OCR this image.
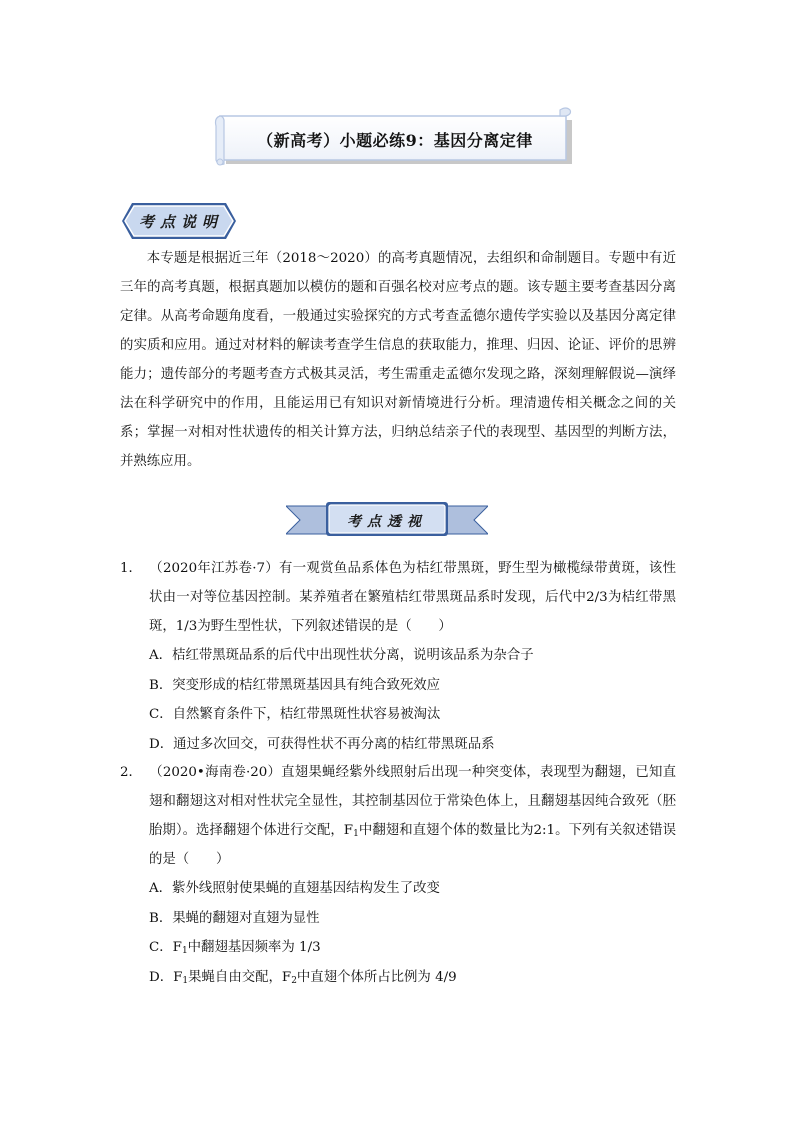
（新高考）小题必练9：基因分离定律
考点说明

本专题是根据近三年（2018～2020）的高考真题情况，去组织和命制题目。专题中有近三年的高考真题，根据真题加以模仿的题和百强名校对应考点的题。该专题主要考查基因分离定律。从高考命题角度看，一般通过实验探究的方式考查孟德尔遗传学实验以及基因分离定律的实质和应用。通过对材料的解读考查学生信息的获取能力，推理、归因、论证、评价的思辨能力；遗传部分的考题考查方式极其灵活，考生需重走孟德尔发现之路，深刻理解假说—演绎法在科学研究中的作用，且能运用已有知识对新情境进行分析。理清遗传相关概念之间的关系；掌握一对相对性状遗传的相关计算方法，归纳总结亲子代的表现型、基因型的判断方法，并熟练应用。

考点透视

1． （2020年江苏卷·7）有一观赏鱼品系体色为桔红带黑斑，野生型为橄榄绿带黄斑，该性状由一对等位基因控制。某养殖者在繁殖桔红带黑斑品系时发现，后代中2/3为桔红带黑斑，1/3为野生型性状，下列叙述错误的是（　　）

A．桔红带黑斑品系的后代中出现性状分离，说明该品系为杂合子

B．突变形成的桔红带黑斑基因具有纯合致死效应

C．自然繁育条件下，桔红带黑斑性状容易被淘汰

D．通过多次回交，可获得性状不再分离的桔红带黑斑品系

2． （2020•海南卷·20）直翅果蝇经紫外线照射后出现一种突变体，表现型为翻翅，已知直翅和翻翅这对相对性状完全显性，其控制基因位于常染色体上，且翻翅基因纯合致死（胚胎期）。选择翻翅个体进行交配，$F_1$中翻翅和直翅个体的数量比为2:1。下列有关叙述错误的是（　　）

A．紫外线照射使果蝇的直翅基因结构发生了改变

B．果蝇的翻翅对直翅为显性

C．$F_1$中翻翅基因频率为 1/3

D．$F_1$果蝇自由交配，$F_2$中直翅个体所占比例为 4/9
